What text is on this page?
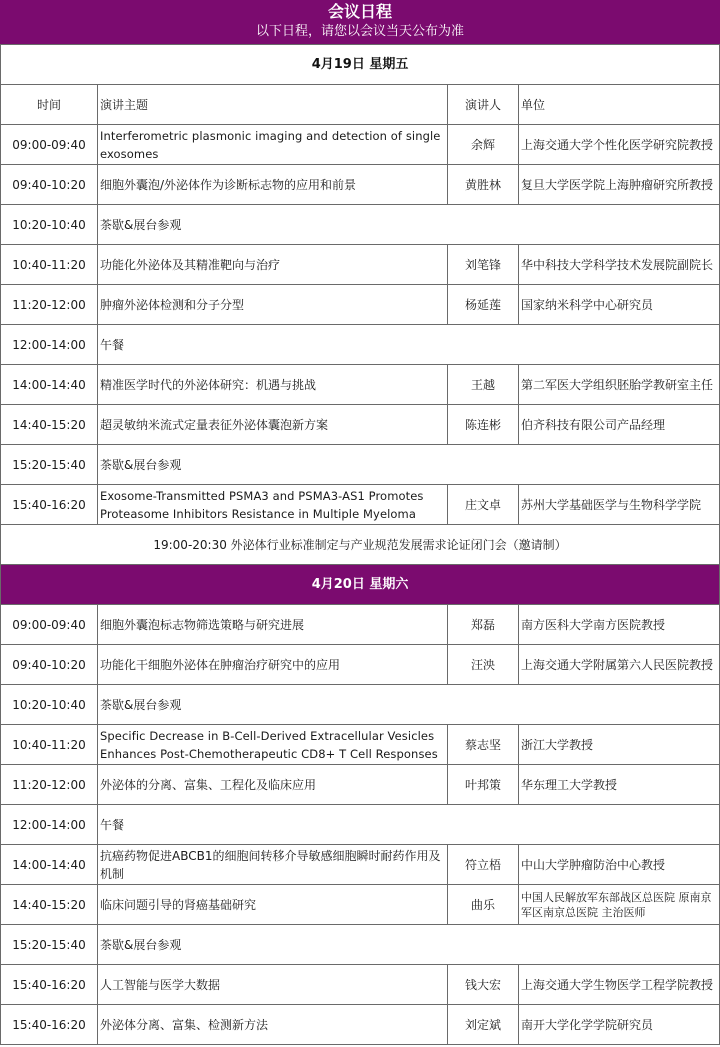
会议日程
以下日程，请您以会议当天公布为准
4月19日 星期五			
时间	演讲主题	演讲人	单位
09:00-09:40	Interferometric plasmonic imaging and detection of single exosomes	余辉	上海交通大学个性化医学研究院教授
09:40-10:20	细胞外囊泡/外泌体作为诊断标志物的应用和前景	黄胜林	复旦大学医学院上海肿瘤研究所教授
10:20-10:40	茶歇&展台参观		
10:40-11:20	功能化外泌体及其精准靶向与治疗	刘笔锋	华中科技大学科学技术发展院副院长
11:20-12:00	肿瘤外泌体检测和分子分型	杨延莲	国家纳米科学中心研究员
12:00-14:00	午餐		
14:00-14:40	精准医学时代的外泌体研究：机遇与挑战	王越	第二军医大学组织胚胎学教研室主任
14:40-15:20	超灵敏纳米流式定量表征外泌体囊泡新方案	陈连彬	伯齐科技有限公司产品经理
15:20-15:40	茶歇&展台参观		
15:40-16:20	Exosome-Transmitted PSMA3 and PSMA3-AS1 Promotes Proteasome Inhibitors Resistance in Multiple Myeloma	庄文卓	苏州大学基础医学与生物科学学院
19:00-20:30 外泌体行业标准制定与产业规范发展需求论证闭门会（邀请制）			
4月20日 星期六			
09:00-09:40	细胞外囊泡标志物筛选策略与研究进展	郑磊	南方医科大学南方医院教授
09:40-10:20	功能化干细胞外泌体在肿瘤治疗研究中的应用	汪泱	上海交通大学附属第六人民医院教授
10:20-10:40	茶歇&展台参观		
10:40-11:20	Specific Decrease in B-Cell-Derived Extracellular Vesicles Enhances Post-Chemotherapeutic CD8+ T Cell Responses	蔡志坚	浙江大学教授
11:20-12:00	外泌体的分离、富集、工程化及临床应用	叶邦策	华东理工大学教授
12:00-14:00	午餐		
14:00-14:40	抗癌药物促进ABCB1的细胞间转移介导敏感细胞瞬时耐药作用及机制	符立梧	中山大学肿瘤防治中心教授
14:40-15:20	临床问题引导的肾癌基础研究	曲乐	中国人民解放军东部战区总医院 原南京军区南京总医院 主治医师
15:20-15:40	茶歇&展台参观		
15:40-16:20	人工智能与医学大数据	钱大宏	上海交通大学生物医学工程学院教授
15:40-16:20	外泌体分离、富集、检测新方法	刘定斌	南开大学化学学院研究员
